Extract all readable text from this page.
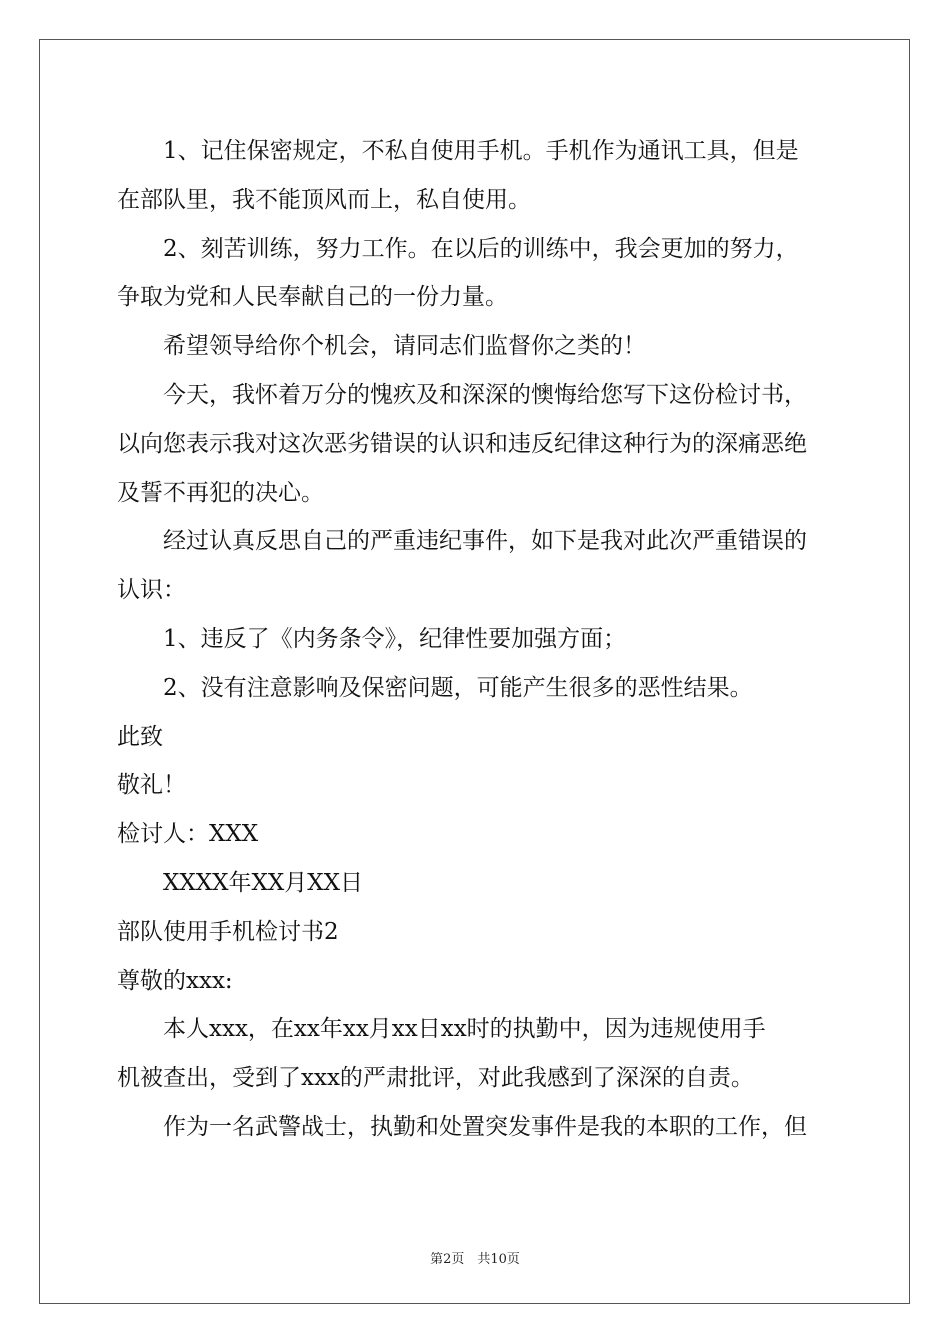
1、记住保密规定，不私自使用手机。手机作为通讯工具，但是
在部队里，我不能顶风而上，私自使用。
2、刻苦训练，努力工作。在以后的训练中，我会更加的努力，
争取为党和人民奉献自己的一份力量。
希望领导给你个机会，请同志们监督你之类的！
今天，我怀着万分的愧疚及和深深的懊悔给您写下这份检讨书，
以向您表示我对这次恶劣错误的认识和违反纪律这种行为的深痛恶绝
及誓不再犯的决心。
经过认真反思自己的严重违纪事件，如下是我对此次严重错误的
认识：
1、违反了《内务条令》，纪律性要加强方面；
2、没有注意影响及保密问题，可能产生很多的恶性结果。
此致
敬礼！
检讨人：XXX
XXXX年XX月XX日
部队使用手机检讨书2
尊敬的xxx:
本人xxx，在xx年xx月xx日xx时的执勤中，因为违规使用手
机被查出，受到了xxx的严肃批评，对此我感到了深深的自责。
作为一名武警战士，执勤和处置突发事件是我的本职的工作，但
第2页　共10页
